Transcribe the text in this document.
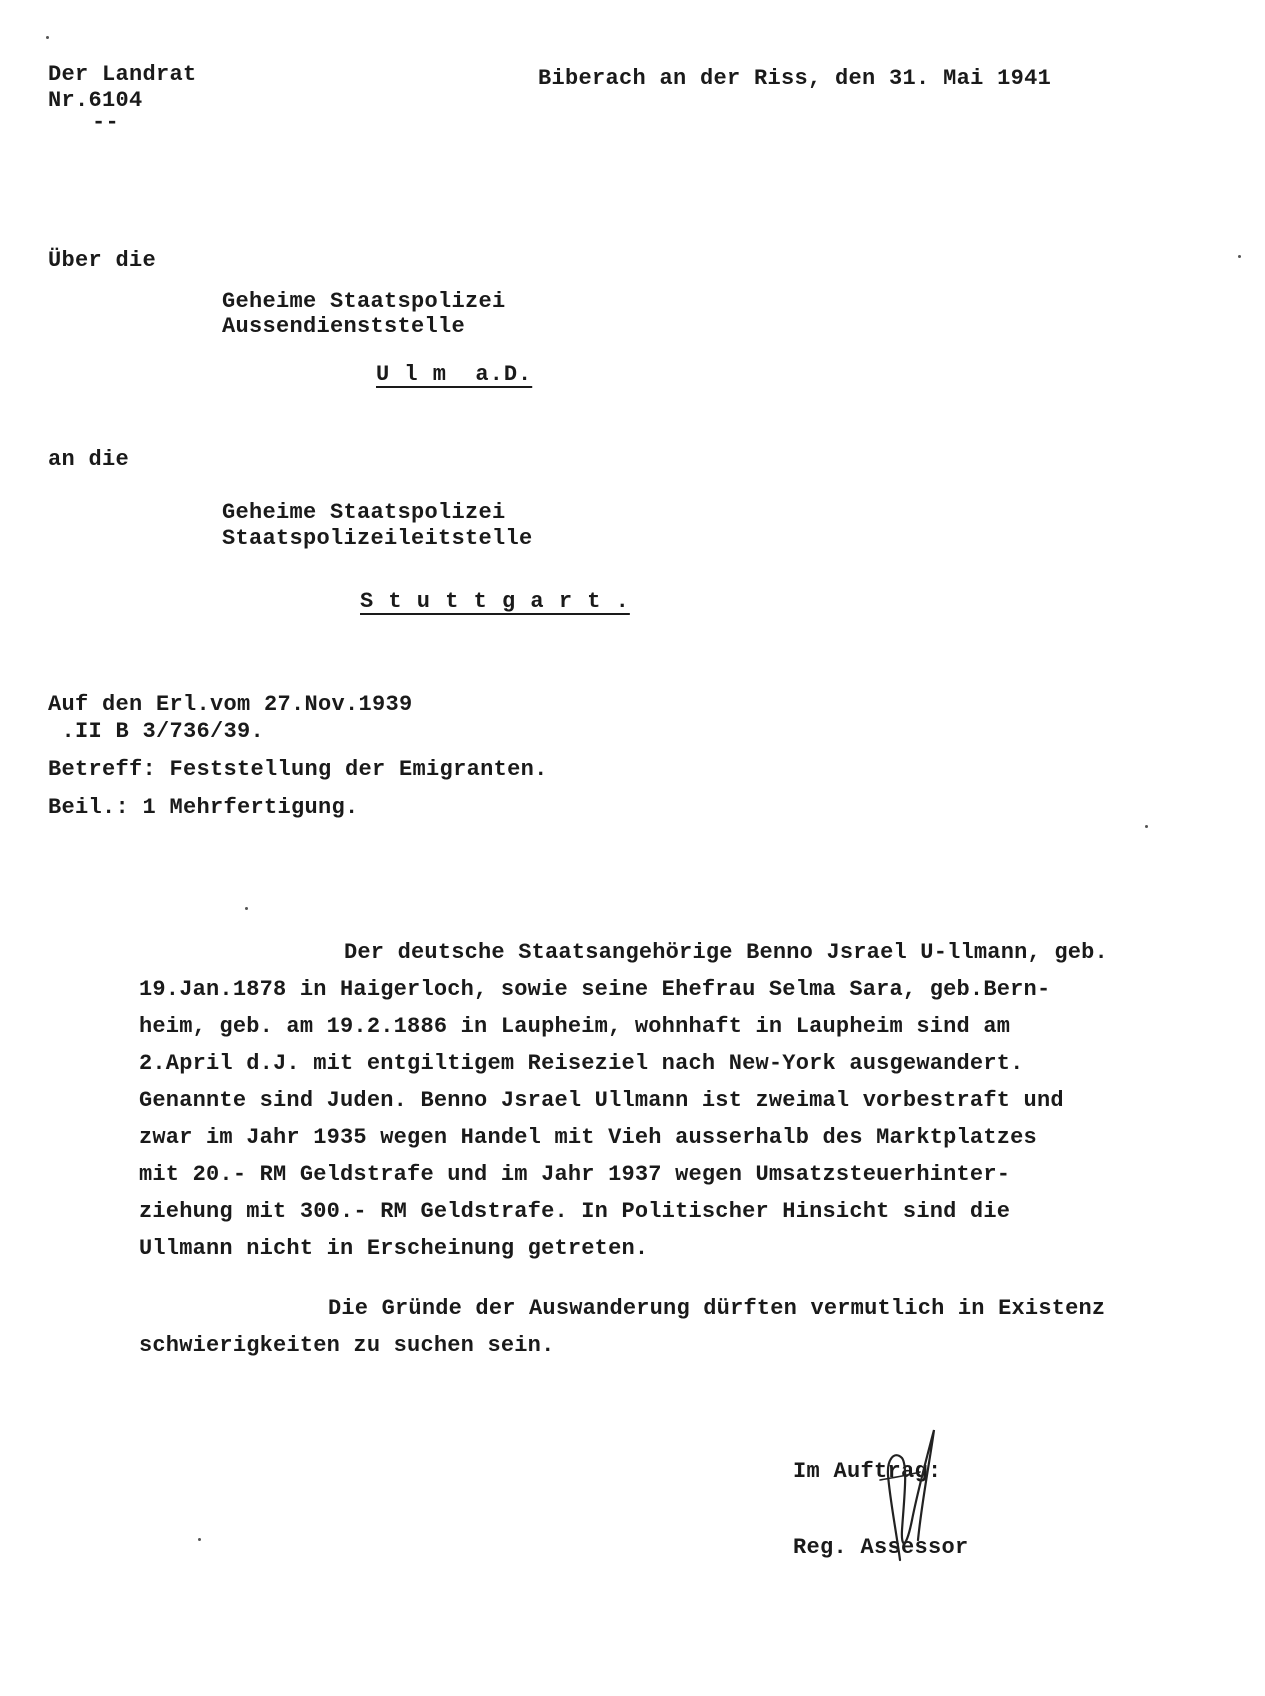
Der Landrat
Nr.6104
--
Biberach an der Riss, den 31. Mai 1941
Über die
Geheime Staatspolizei
Aussendienststelle
U l m  a.D.
an die
Geheime Staatspolizei
Staatspolizeileitstelle
S t u t t g a r t .
Auf den Erl.vom 27.Nov.1939
.II B 3/736/39.
Betreff: Feststellung der Emigranten.
Beil.: 1 Mehrfertigung.
Der deutsche Staatsangehörige Benno Jsrael U-llmann, geb.
19.Jan.1878 in Haigerloch, sowie seine Ehefrau Selma Sara, geb.Bern-
heim, geb. am 19.2.1886 in Laupheim, wohnhaft in Laupheim sind am
2.April d.J. mit entgiltigem Reiseziel nach New-York ausgewandert.
Genannte sind Juden. Benno Jsrael Ullmann ist zweimal vorbestraft und
zwar im Jahr 1935 wegen Handel mit Vieh ausserhalb des Marktplatzes
mit 20.- RM Geldstrafe und im Jahr 1937 wegen Umsatzsteuerhinter-
ziehung mit 300.- RM Geldstrafe. In Politischer Hinsicht sind die
Ullmann nicht in Erscheinung getreten.
Die Gründe der Auswanderung dürften vermutlich in Existenz
schwierigkeiten zu suchen sein.
Im Auftrag:
Reg. Assessor
